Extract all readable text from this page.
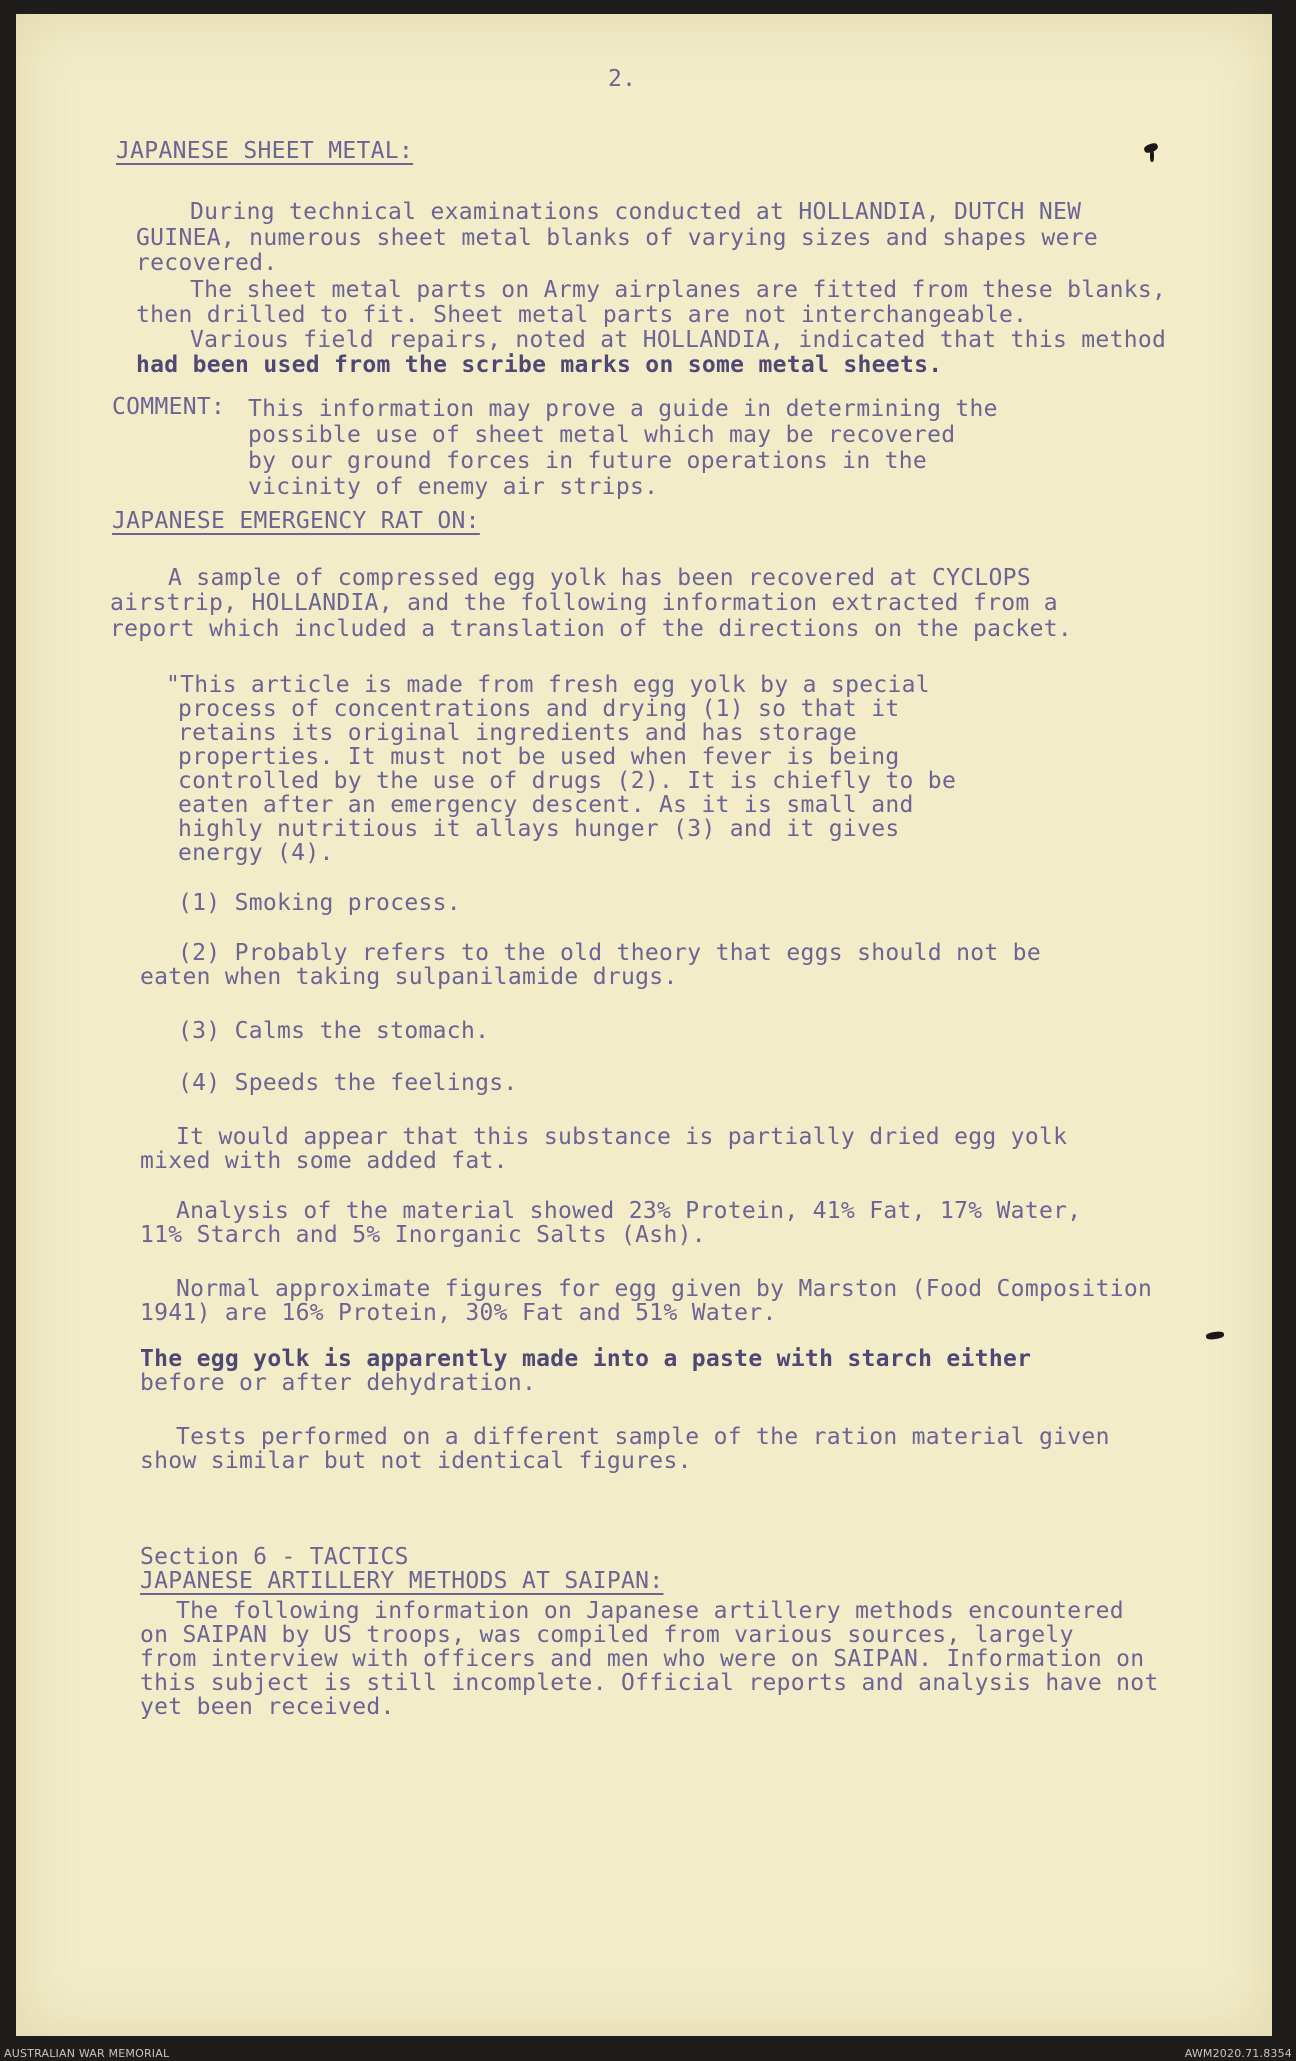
2.
JAPANESE SHEET METAL:
During technical examinations conducted at HOLLANDIA, DUTCH NEW
GUINEA, numerous sheet metal blanks of varying sizes and shapes were
recovered.
The sheet metal parts on Army airplanes are fitted from these blanks,
then drilled to fit. Sheet metal parts are not interchangeable.
Various field repairs, noted at HOLLANDIA, indicated that this method
had been used from the scribe marks on some metal sheets.
COMMENT: This information may prove a guide in determining the
possible use of sheet metal which may be recovered
by our ground forces in future operations in the
vicinity of enemy air strips.
JAPANESE EMERGENCY RAT ON:
A sample of compressed egg yolk has been recovered at CYCLOPS
airstrip, HOLLANDIA, and the following information extracted from a
report which included a translation of the directions on the packet.
"This article is made from fresh egg yolk by a special
process of concentrations and drying (1) so that it
retains its original ingredients and has storage
properties. It must not be used when fever is being
controlled by the use of drugs (2). It is chiefly to be
eaten after an emergency descent. As it is small and
highly nutritious it allays hunger (3) and it gives
energy (4).
(1) Smoking process.
(2) Probably refers to the old theory that eggs should not be
eaten when taking sulpanilamide drugs.
(3) Calms the stomach.
(4) Speeds the feelings.
It would appear that this substance is partially dried egg yolk
mixed with some added fat.
Analysis of the material showed 23% Protein, 41% Fat, 17% Water,
11% Starch and 5% Inorganic Salts (Ash).
Normal approximate figures for egg given by Marston (Food Composition
1941) are 16% Protein, 30% Fat and 51% Water.
The egg yolk is apparently made into a paste with starch either
before or after dehydration.
Tests performed on a different sample of the ration material given
show similar but not identical figures.
Section 6 - TACTICS
JAPANESE ARTILLERY METHODS AT SAIPAN:
The following information on Japanese artillery methods encountered
on SAIPAN by US troops, was compiled from various sources, largely
from interview with officers and men who were on SAIPAN. Information on
this subject is still incomplete. Official reports and analysis have not
yet been received.
AUSTRALIAN WAR MEMORIAL	AWM2020.71.8354
